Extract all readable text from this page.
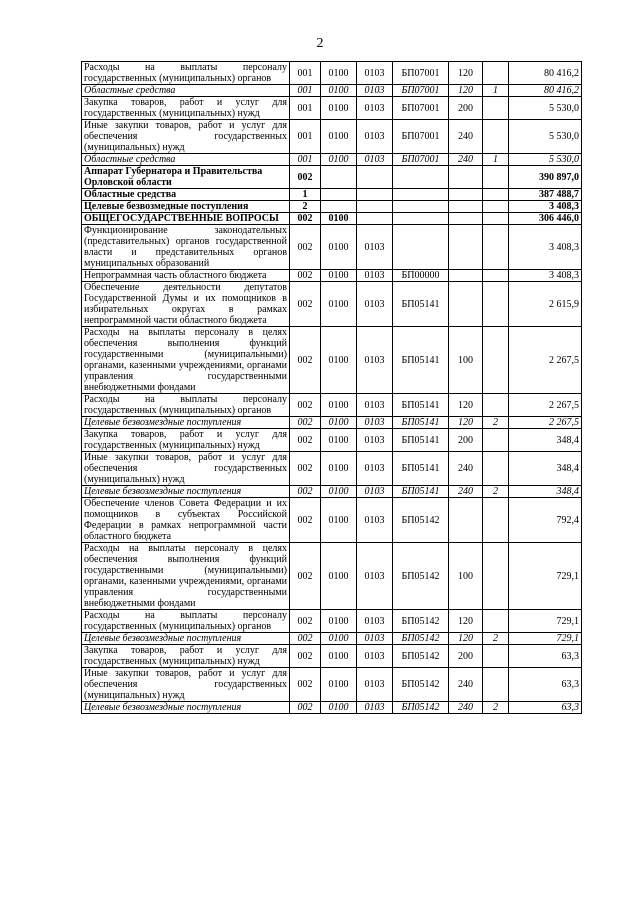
2
Расходы на выплаты персоналу государственных (муниципальных) органов	001	0100	0103	БП07001	120		80 416,2
Областные средства	001	0100	0103	БП07001	120	1	80 416,2
Закупка товаров, работ и услуг для государственных (муниципальных) нужд	001	0100	0103	БП07001	200		5 530,0
Иные закупки товаров, работ и услуг для обеспечения государственных (муниципальных) нужд	001	0100	0103	БП07001	240		5 530,0
Областные средства	001	0100	0103	БП07001	240	1	5 530,0
Аппарат Губернатора и Правительства Орловской области	002						390 897,0
Областные средства	1						387 488,7
Целевые безвозмедные поступления	2						3 408,3
ОБЩЕГОСУДАРСТВЕННЫЕ ВОПРОСЫ	002	0100					306 446,0
Функционирование законодательных (представительных) органов государственной власти и представительных органов муниципальных образований	002	0100	0103				3 408,3
Непрограммная часть областного бюджета	002	0100	0103	БП00000			3 408,3
Обеспечение деятельности депутатов Государственной Думы и их помощников в избирательных округах в рамках непрограммной части областного бюджета	002	0100	0103	БП05141			2 615,9
Расходы на выплаты персоналу в целях обеспечения выполнения функций государственными (муниципальными) органами, казенными учреждениями, органами управления государственными внебюджетными фондами	002	0100	0103	БП05141	100		2 267,5
Расходы на выплаты персоналу государственных (муниципальных) органов	002	0100	0103	БП05141	120		2 267,5
Целевые безвозмездные поступления	002	0100	0103	БП05141	120	2	2 267,5
Закупка товаров, работ и услуг для государственных (муниципальных) нужд	002	0100	0103	БП05141	200		348,4
Иные закупки товаров, работ и услуг для обеспечения государственных (муниципальных) нужд	002	0100	0103	БП05141	240		348,4
Целевые безвозмездные поступления	002	0100	0103	БП05141	240	2	348,4
Обеспечение членов Совета Федерации и их помощников в субъектах Российской Федерации в рамках непрограммной части областного бюджета	002	0100	0103	БП05142			792,4
Расходы на выплаты персоналу в целях обеспечения выполнения функций государственными (муниципальными) органами, казенными учреждениями, органами управления государственными внебюджетными фондами	002	0100	0103	БП05142	100		729,1
Расходы на выплаты персоналу государственных (муниципальных) органов	002	0100	0103	БП05142	120		729,1
Целевые безвозмездные поступления	002	0100	0103	БП05142	120	2	729,1
Закупка товаров, работ и услуг для государственных (муниципальных) нужд	002	0100	0103	БП05142	200		63,3
Иные закупки товаров, работ и услуг для обеспечения государственных (муниципальных) нужд	002	0100	0103	БП05142	240		63,3
Целевые безвозмездные поступления	002	0100	0103	БП05142	240	2	63,3
